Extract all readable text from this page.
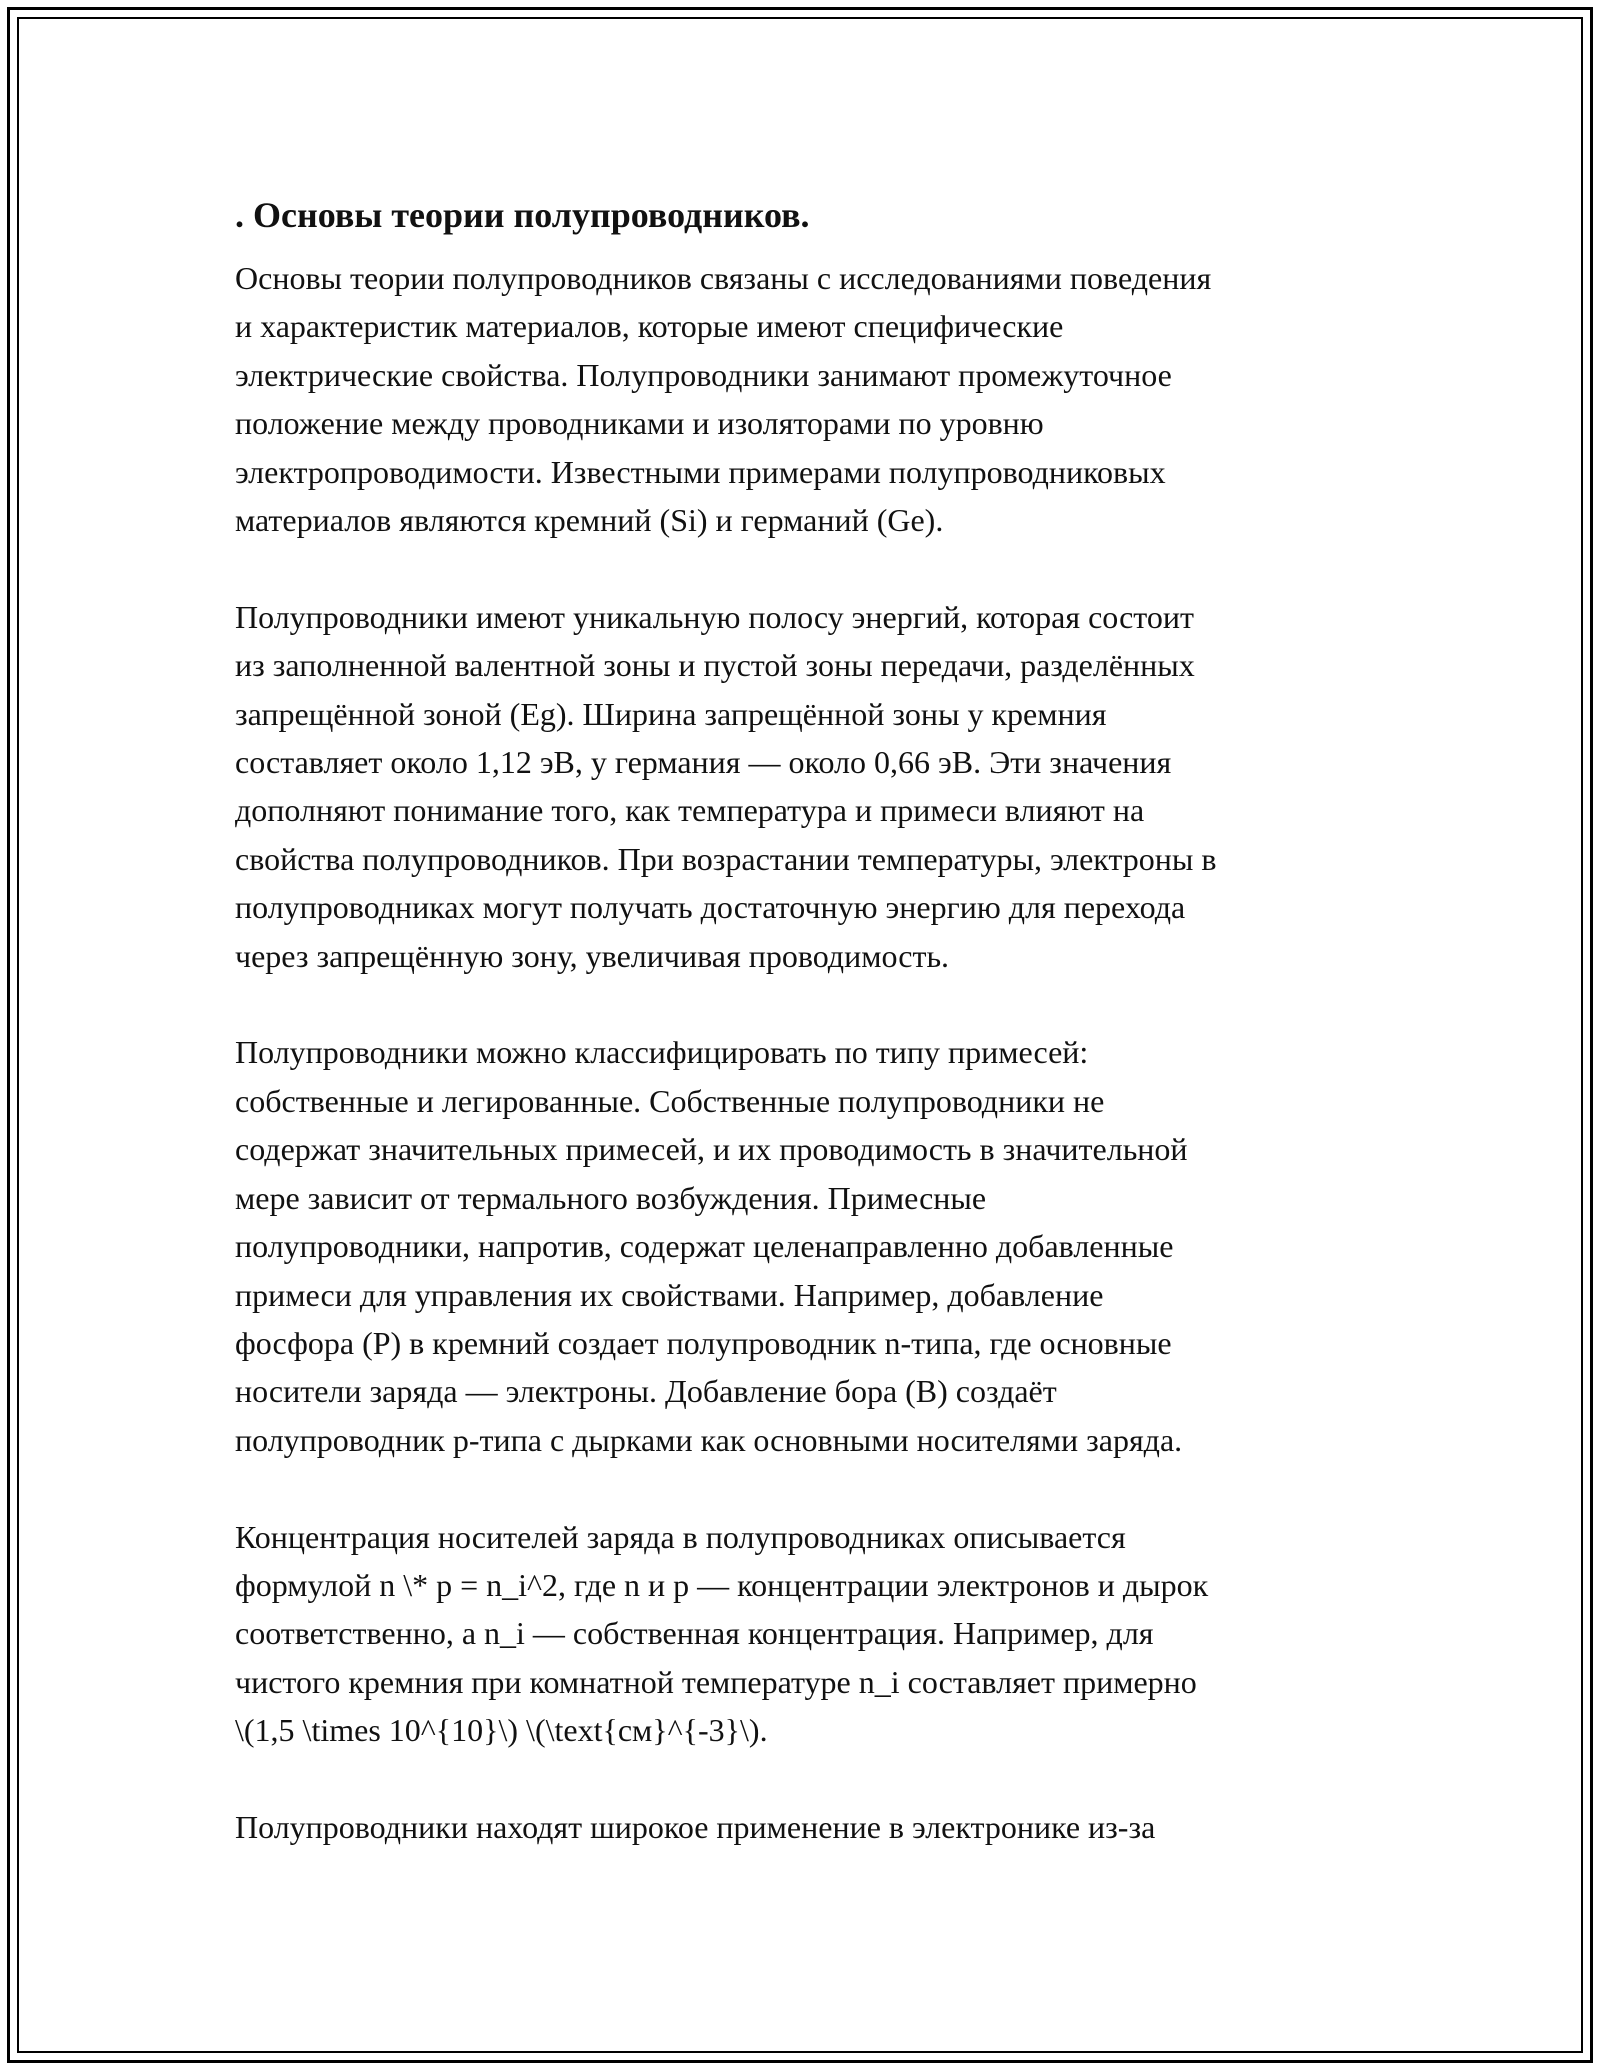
. Основы теории полупроводников.

Основы теории полупроводников связаны с исследованиями поведения
и характеристик материалов, которые имеют специфические
электрические свойства. Полупроводники занимают промежуточное
положение между проводниками и изоляторами по уровню
электропроводимости. Известными примерами полупроводниковых
материалов являются кремний (Si) и германий (Ge).

Полупроводники имеют уникальную полосу энергий, которая состоит
из заполненной валентной зоны и пустой зоны передачи, разделённых
запрещённой зоной (Eg). Ширина запрещённой зоны у кремния
составляет около 1,12 эВ, у германия — около 0,66 эВ. Эти значения
дополняют понимание того, как температура и примеси влияют на
свойства полупроводников. При возрастании температуры, электроны в
полупроводниках могут получать достаточную энергию для перехода
через запрещённую зону, увеличивая проводимость.

Полупроводники можно классифицировать по типу примесей:
собственные и легированные. Собственные полупроводники не
содержат значительных примесей, и их проводимость в значительной
мере зависит от термального возбуждения. Примесные
полупроводники, напротив, содержат целенаправленно добавленные
примеси для управления их свойствами. Например, добавление
фосфора (P) в кремний создает полупроводник n-типа, где основные
носители заряда — электроны. Добавление бора (B) создаёт
полупроводник p-типа с дырками как основными носителями заряда.

Концентрация носителей заряда в полупроводниках описывается
формулой n \* p = n_i^2, где n и p — концентрации электронов и дырок
соответственно, а n_i — собственная концентрация. Например, для
чистого кремния при комнатной температуре n_i составляет примерно
\(1,5 \times 10^{10}\) \(\text{см}^{-3}\).

Полупроводники находят широкое применение в электронике из-за
